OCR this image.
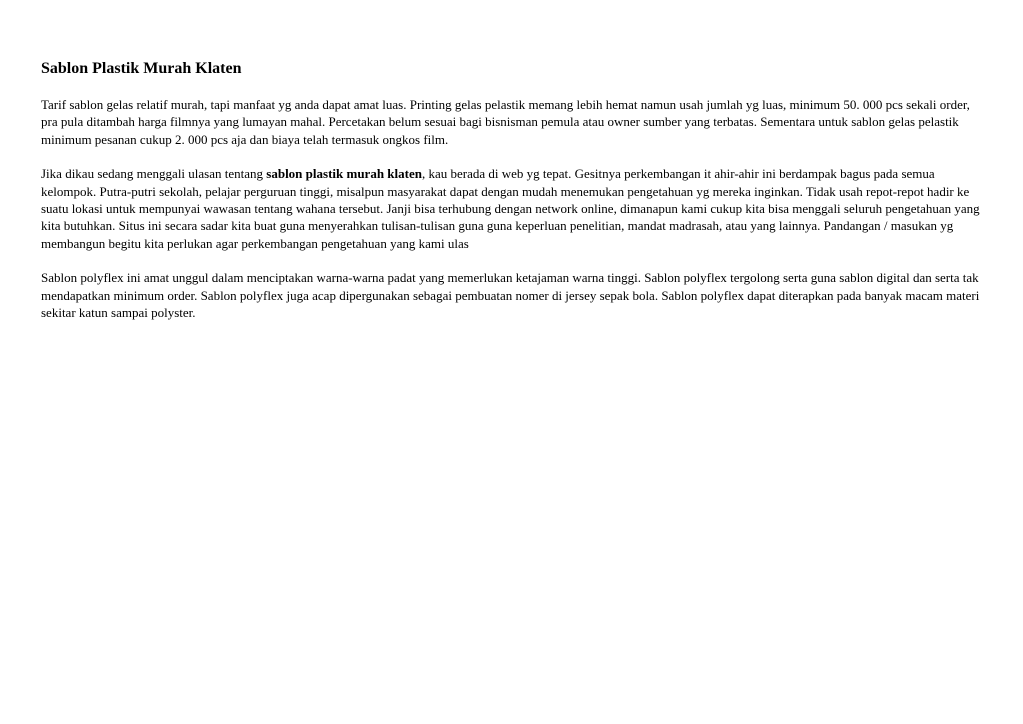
Sablon Plastik Murah Klaten

Tarif sablon gelas relatif murah, tapi manfaat yg anda dapat amat luas. Printing gelas pelastik memang lebih hemat namun usah jumlah yg luas, minimum 50. 000 pcs sekali order, pra pula ditambah harga filmnya yang lumayan mahal. Percetakan belum sesuai bagi bisnisman pemula atau owner sumber yang terbatas. Sementara untuk sablon gelas pelastik minimum pesanan cukup 2. 000 pcs aja dan biaya telah termasuk ongkos film.

Jika dikau sedang menggali ulasan tentang sablon plastik murah klaten, kau berada di web yg tepat. Gesitnya perkembangan it ahir-ahir ini berdampak bagus pada semua kelompok. Putra-putri sekolah, pelajar perguruan tinggi, misalpun masyarakat dapat dengan mudah menemukan pengetahuan yg mereka inginkan. Tidak usah repot-repot hadir ke suatu lokasi untuk mempunyai wawasan tentang wahana tersebut. Janji bisa terhubung dengan network online, dimanapun kami cukup kita bisa menggali seluruh pengetahuan yang kita butuhkan. Situs ini secara sadar kita buat guna menyerahkan tulisan-tulisan guna guna keperluan penelitian, mandat madrasah, atau yang lainnya. Pandangan / masukan yg membangun begitu kita perlukan agar perkembangan pengetahuan yang kami ulas

Sablon polyflex ini amat unggul dalam menciptakan warna-warna padat yang memerlukan ketajaman warna tinggi. Sablon polyflex tergolong serta guna sablon digital dan serta tak mendapatkan minimum order. Sablon polyflex juga acap dipergunakan sebagai pembuatan nomer di jersey sepak bola. Sablon polyflex dapat diterapkan pada banyak macam materi sekitar katun sampai polyster.
